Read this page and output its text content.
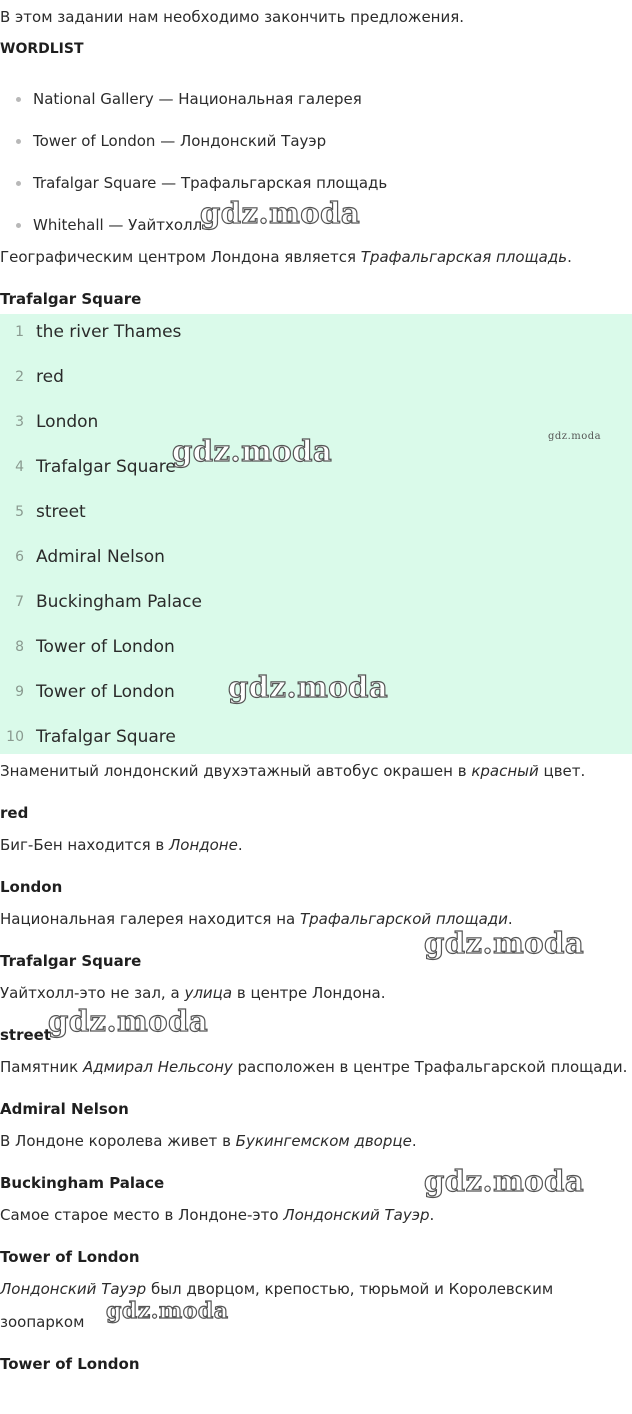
В этом задании нам необходимо закончить предложения.
WORDLIST
National Gallery — Национальная галерея
Tower of London — Лондонский Тауэр
Trafalgar Square — Трафальгарская площадь
Whitehall — Уайтхолл
Географическим центром Лондона является Трафальгарская площадь.
Trafalgar Square
1 the river Thames
2 red
3 London
4 Trafalgar Square
5 street
6 Admiral Nelson
7 Buckingham Palace
8 Tower of London
9 Tower of London
10 Trafalgar Square
Знаменитый лондонский двухэтажный автобус окрашен в красный цвет.
red
Биг-Бен находится в Лондоне.
London
Национальная галерея находится на Трафальгарской площади.
Trafalgar Square
Уайтхолл-это не зал, а улица в центре Лондона.
street
Памятник Адмирал Нельсону расположен в центре Трафальгарской площади.
Admiral Nelson
В Лондоне королева живет в Букингемском дворце.
Buckingham Palace
Самое старое место в Лондоне-это Лондонский Тауэр.
Tower of London
Лондонский Тауэр был дворцом, крепостью, тюрьмой и Королевским
зоопарком
Tower of London
gdz.moda
gdz.moda	gdz.moda
gdz.moda
gdz.moda
gdz.moda
gdz.moda
gdz.moda
